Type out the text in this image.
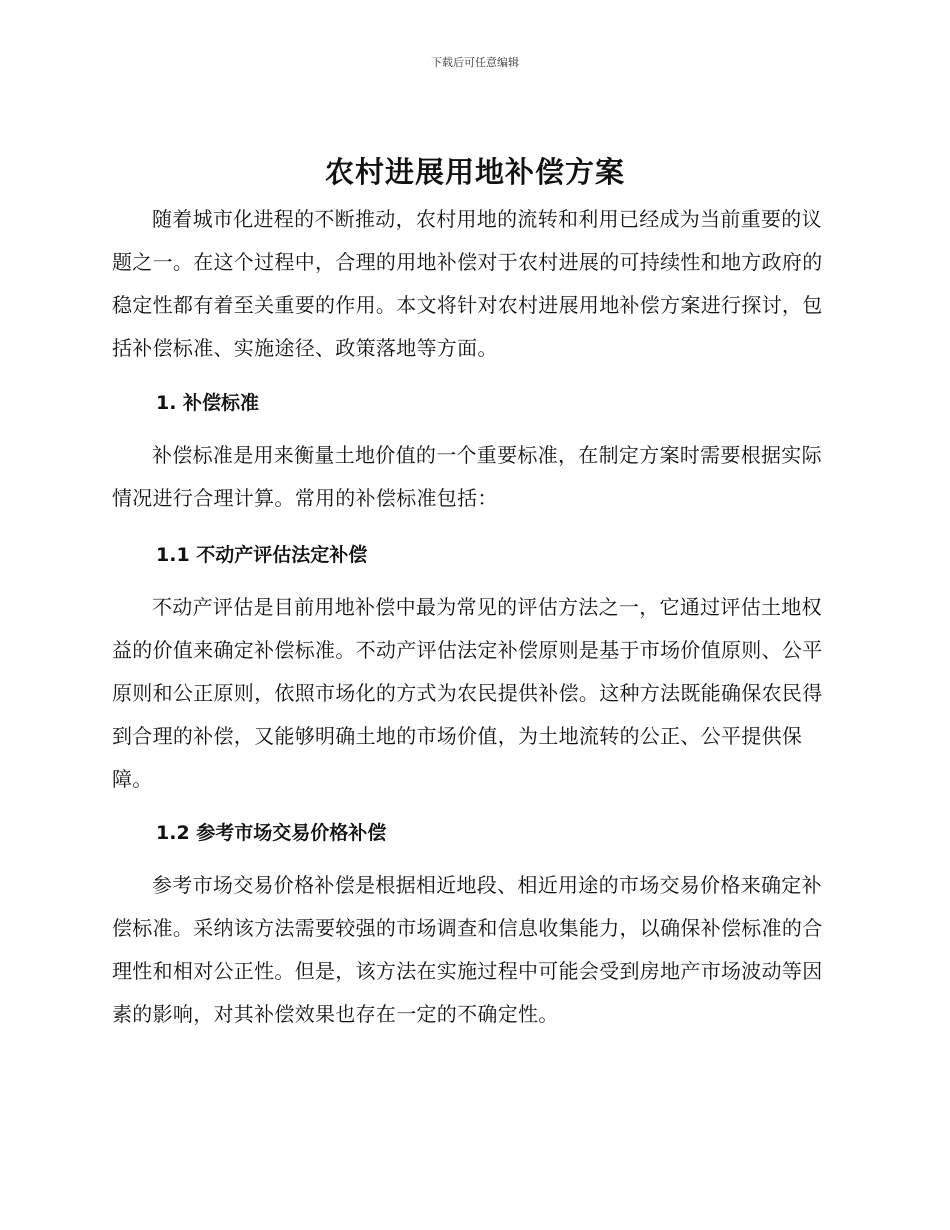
下载后可任意编辑
农村进展用地补偿方案

随着城市化进程的不断推动，农村用地的流转和利用已经成为当前重要的议题之一。在这个过程中，合理的用地补偿对于农村进展的可持续性和地方政府的稳定性都有着至关重要的作用。本文将针对农村进展用地补偿方案进行探讨，包括补偿标准、实施途径、政策落地等方面。

1. 补偿标准

补偿标准是用来衡量土地价值的一个重要标准，在制定方案时需要根据实际情况进行合理计算。常用的补偿标准包括：

1.1 不动产评估法定补偿

不动产评估是目前用地补偿中最为常见的评估方法之一，它通过评估土地权益的价值来确定补偿标准。不动产评估法定补偿原则是基于市场价值原则、公平原则和公正原则，依照市场化的方式为农民提供补偿。这种方法既能确保农民得到合理的补偿，又能够明确土地的市场价值，为土地流转的公正、公平提供保障。

1.2 参考市场交易价格补偿

参考市场交易价格补偿是根据相近地段、相近用途的市场交易价格来确定补偿标准。采纳该方法需要较强的市场调查和信息收集能力，以确保补偿标准的合理性和相对公正性。但是，该方法在实施过程中可能会受到房地产市场波动等因素的影响，对其补偿效果也存在一定的不确定性。
